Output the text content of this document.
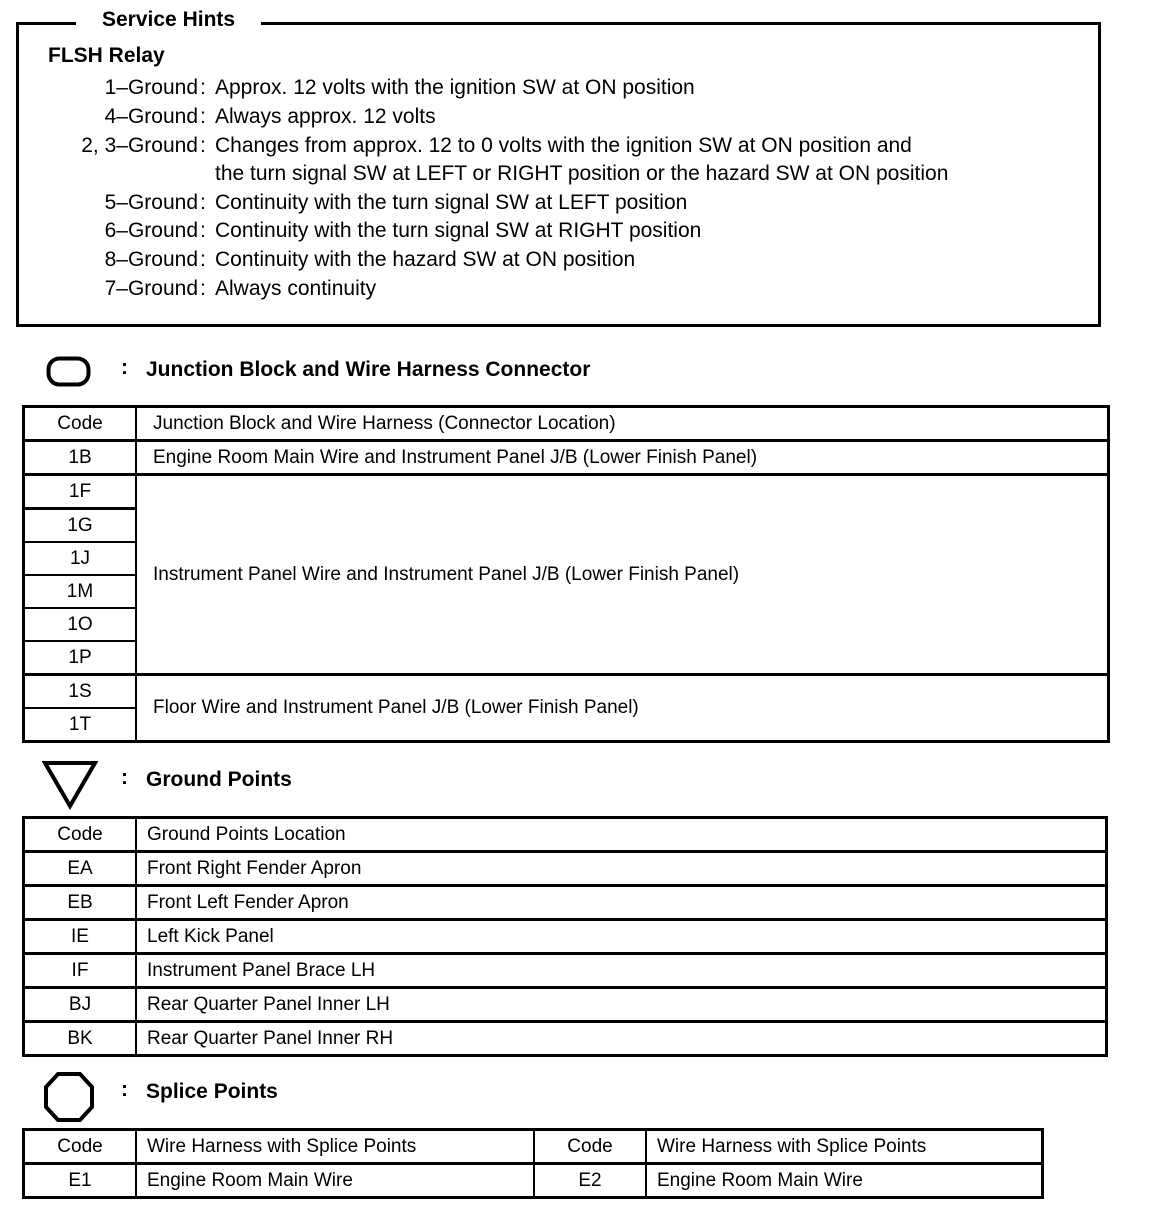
Service Hints
FLSH Relay
1–Ground : Approx. 12 volts with the ignition SW at ON position
4–Ground : Always approx. 12 volts
2, 3–Ground : Changes from approx. 12 to 0 volts with the ignition SW at ON position and
the turn signal SW at LEFT or RIGHT position or the hazard SW at ON position
5–Ground : Continuity with the turn signal SW at LEFT position
6–Ground : Continuity with the turn signal SW at RIGHT position
8–Ground : Continuity with the hazard SW at ON position
7–Ground : Always continuity
: Junction Block and Wire Harness Connector
Code	Junction Block and Wire Harness (Connector Location)
1B	Engine Room Main Wire and Instrument Panel J/B (Lower Finish Panel)
1F	Instrument Panel Wire and Instrument Panel J/B (Lower Finish Panel)
1G	
1J	
1M	
1O	
1P	
1S	Floor Wire and Instrument Panel J/B (Lower Finish Panel)
1T	
: Ground Points
Code	Ground Points Location
EA	Front Right Fender Apron
EB	Front Left Fender Apron
IE	Left Kick Panel
IF	Instrument Panel Brace LH
BJ	Rear Quarter Panel Inner LH
BK	Rear Quarter Panel Inner RH
: Splice Points
Code	Wire Harness with Splice Points	Code	Wire Harness with Splice Points
E1	Engine Room Main Wire	E2	Engine Room Main Wire
